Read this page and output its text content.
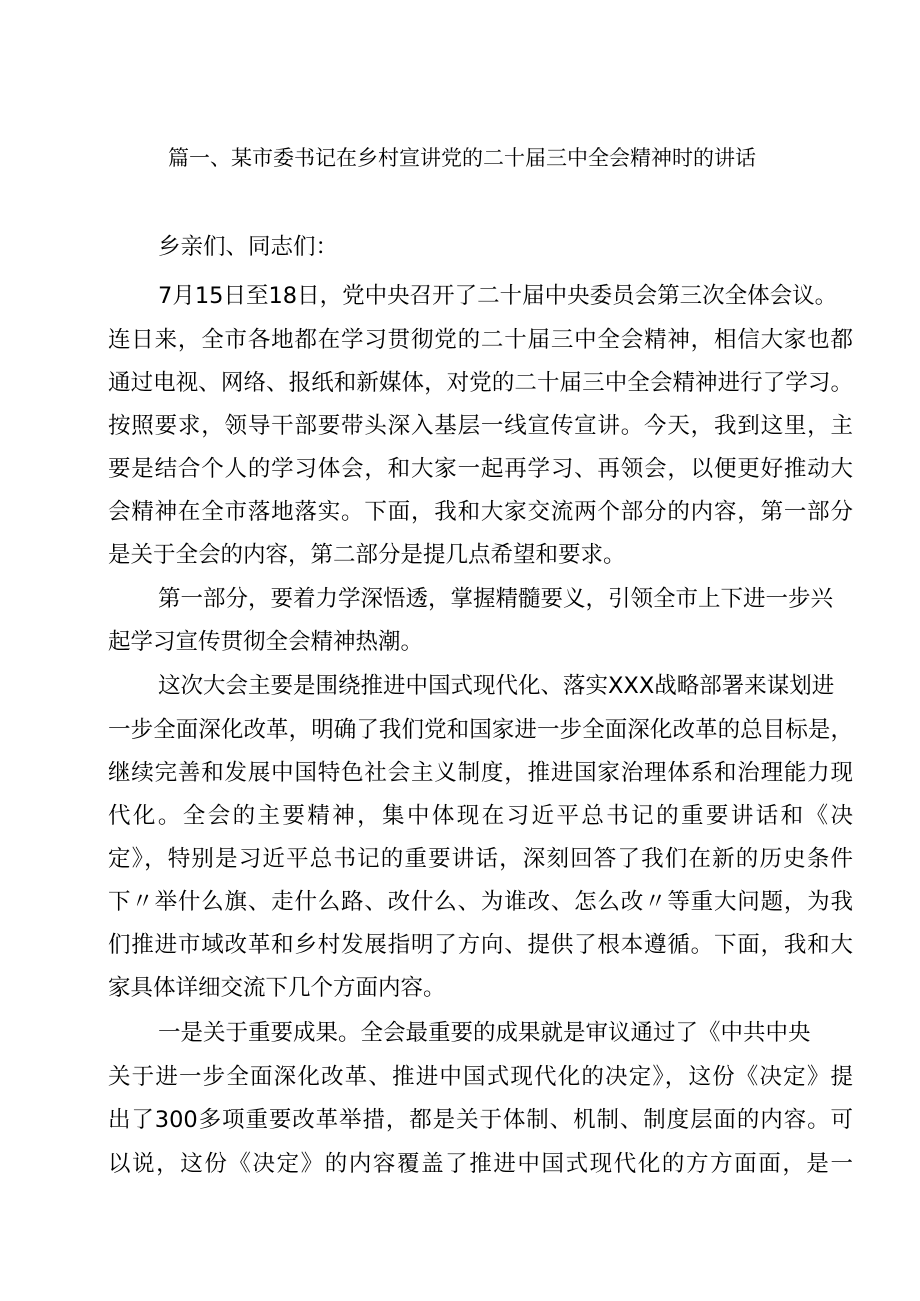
篇一、某市委书记在乡村宣讲党的二十届三中全会精神时的讲话
乡亲们、同志们：
7月15日至18日，党中央召开了二十届中央委员会第三次全体会议。
连日来，全市各地都在学习贯彻党的二十届三中全会精神，相信大家也都
通过电视、网络、报纸和新媒体，对党的二十届三中全会精神进行了学习。
按照要求，领导干部要带头深入基层一线宣传宣讲。今天，我到这里，主
要是结合个人的学习体会，和大家一起再学习、再领会，以便更好推动大
会精神在全市落地落实。下面，我和大家交流两个部分的内容，第一部分
是关于全会的内容，第二部分是提几点希望和要求。
第一部分，要着力学深悟透，掌握精髓要义，引领全市上下进一步兴
起学习宣传贯彻全会精神热潮。
这次大会主要是围绕推进中国式现代化、落实XXX战略部署来谋划进
一步全面深化改革，明确了我们党和国家进一步全面深化改革的总目标是，
继续完善和发展中国特色社会主义制度，推进国家治理体系和治理能力现
代化。全会的主要精神，集中体现在习近平总书记的重要讲话和《决
定》，特别是习近平总书记的重要讲话，深刻回答了我们在新的历史条件
下〃举什么旗、走什么路、改什么、为谁改、怎么改〃等重大问题，为我
们推进市域改革和乡村发展指明了方向、提供了根本遵循。下面，我和大
家具体详细交流下几个方面内容。
一是关于重要成果。全会最重要的成果就是审议通过了《中共中央
关于进一步全面深化改革、推进中国式现代化的决定》，这份《决定》提
出了300多项重要改革举措，都是关于体制、机制、制度层面的内容。可
以说，这份《决定》的内容覆盖了推进中国式现代化的方方面面，是一
